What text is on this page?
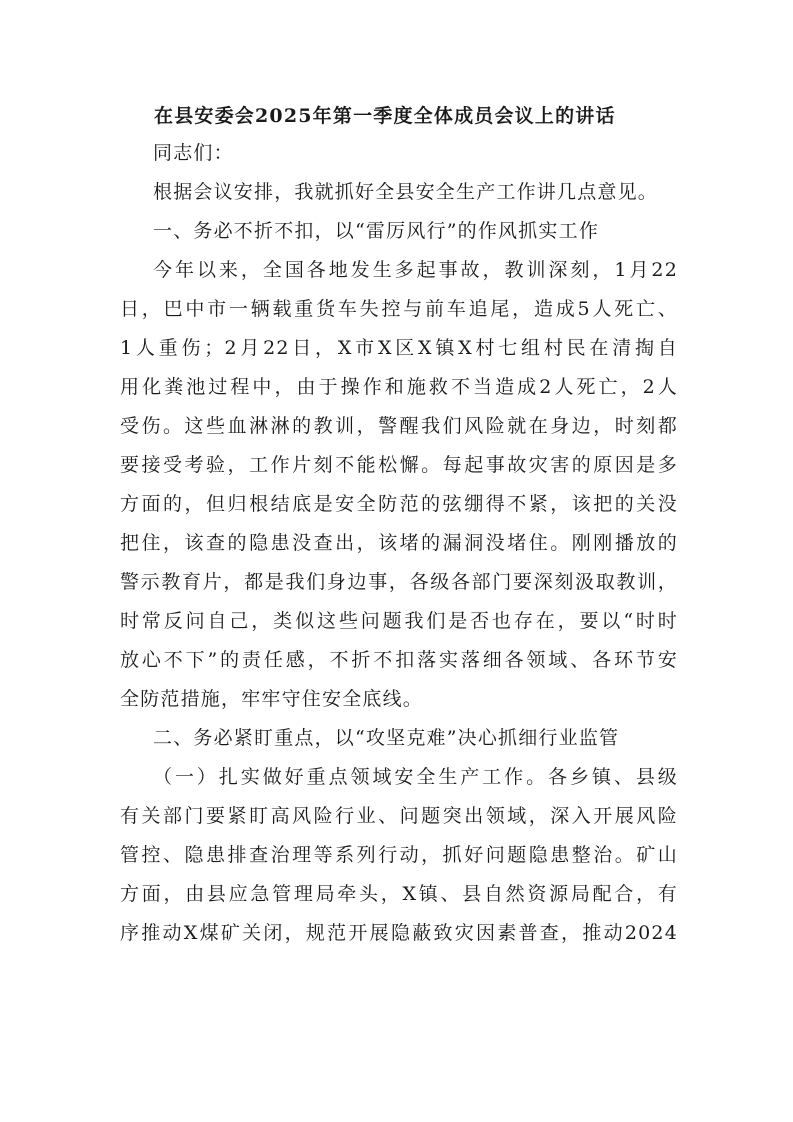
在县安委会2025年第一季度全体成员会议上的讲话

同志们：

根据会议安排，我就抓好全县安全生产工作讲几点意见。

一、务必不折不扣，以“雷厉风行”的作风抓实工作

今年以来，全国各地发生多起事故，教训深刻，1月22

日，巴中市一辆载重货车失控与前车追尾，造成5人死亡、

1人重伤；2月22日，X市X区X镇X村七组村民在清掏自

用化粪池过程中，由于操作和施救不当造成2人死亡，2人

受伤。这些血淋淋的教训，警醒我们风险就在身边，时刻都

要接受考验，工作片刻不能松懈。每起事故灾害的原因是多

方面的，但归根结底是安全防范的弦绷得不紧，该把的关没

把住，该查的隐患没查出，该堵的漏洞没堵住。刚刚播放的

警示教育片，都是我们身边事，各级各部门要深刻汲取教训，

时常反问自己，类似这些问题我们是否也存在，要以“时时

放心不下”的责任感，不折不扣落实落细各领域、各环节安

全防范措施，牢牢守住安全底线。

二、务必紧盯重点，以“攻坚克难”决心抓细行业监管

（一）扎实做好重点领域安全生产工作。各乡镇、县级

有关部门要紧盯高风险行业、问题突出领域，深入开展风险

管控、隐患排查治理等系列行动，抓好问题隐患整治。矿山

方面，由县应急管理局牵头，X镇、县自然资源局配合，有

序推动X煤矿关闭，规范开展隐蔽致灾因素普查，推动2024
